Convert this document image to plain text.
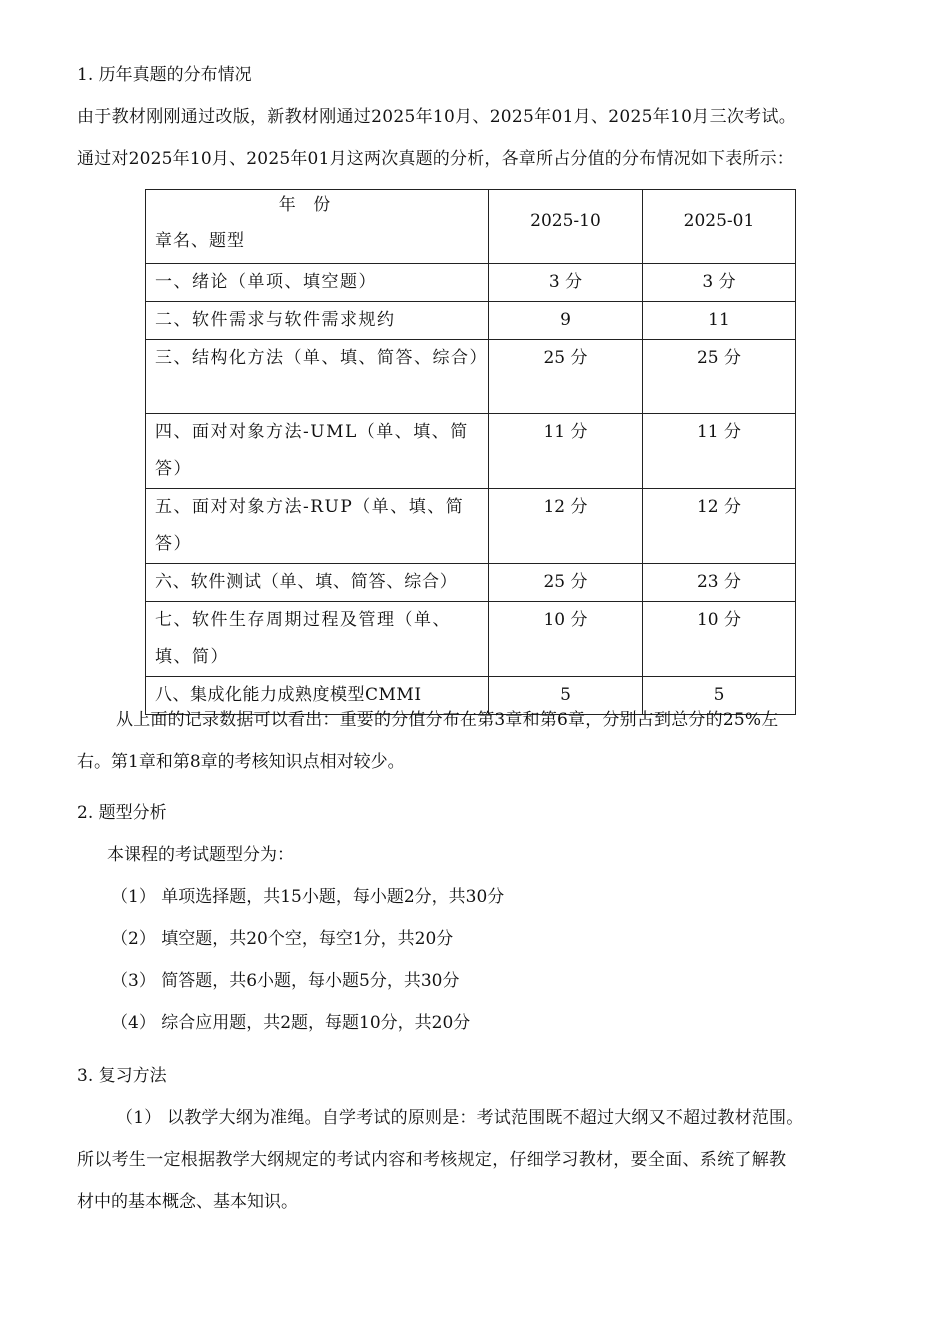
1. 历年真题的分布情况
由于教材刚刚通过改版，新教材刚通过2025年10月、2025年01月、2025年10月三次考试。
通过对2025年10月、2025年01月这两次真题的分析，各章所占分值的分布情况如下表所示：
年 份
章名、题型	2025-10	2025-01
一、绪论（单项、填空题）	3 分	3 分
二、软件需求与软件需求规约	9	11
三、结构化方法（单、填、简答、综合）	25 分	25 分
四、面对对象方法-UML（单、填、简答）	11 分	11 分
五、面对对象方法-RUP（单、填、简答）	12 分	12 分
六、软件测试（单、填、简答、综合）	25 分	23 分
七、软件生存周期过程及管理（单、填、简）	10 分	10 分
八、集成化能力成熟度模型CMMI	5	5
从上面的记录数据可以看出：重要的分值分布在第3章和第6章，分别占到总分的25%左
右。第1章和第8章的考核知识点相对较少。
2. 题型分析
本课程的考试题型分为：
（1） 单项选择题，共15小题，每小题2分，共30分
（2） 填空题，共20个空，每空1分，共20分
（3） 简答题，共6小题，每小题5分，共30分
（4） 综合应用题，共2题，每题10分，共20分
3. 复习方法
（1） 以教学大纲为准绳。自学考试的原则是：考试范围既不超过大纲又不超过教材范围。
所以考生一定根据教学大纲规定的考试内容和考核规定，仔细学习教材，要全面、系统了解教
材中的基本概念、基本知识。
